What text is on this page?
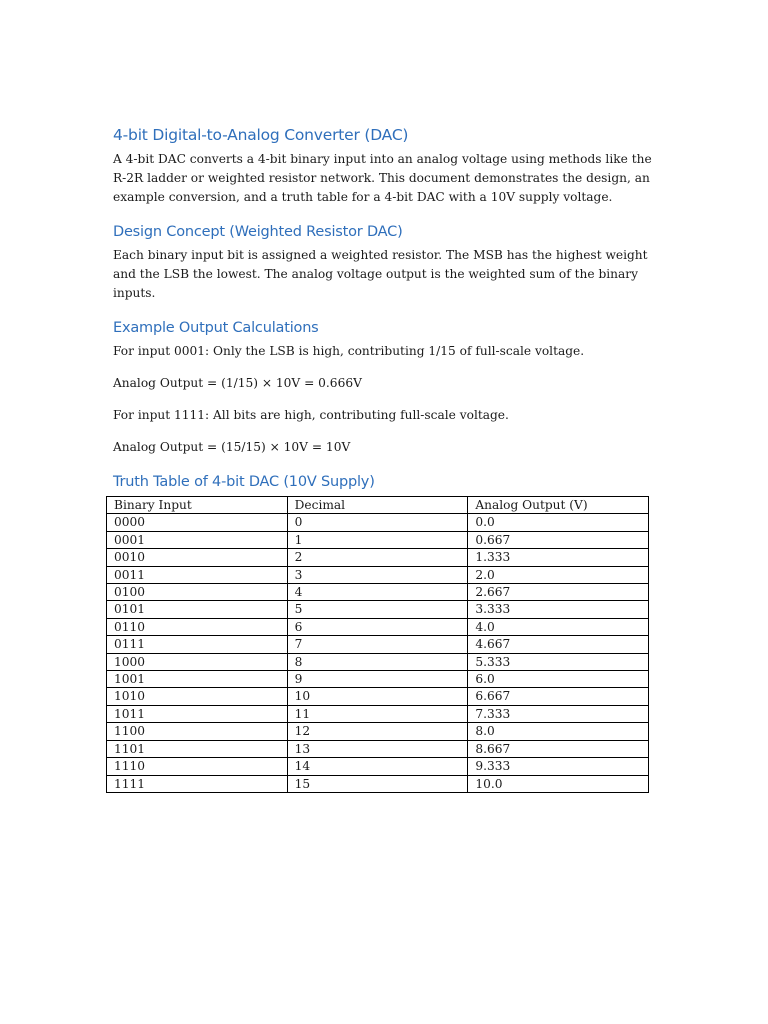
4-bit Digital-to-Analog Converter (DAC)

A 4-bit DAC converts a 4-bit binary input into an analog voltage using methods like the R-2R ladder or weighted resistor network. This document demonstrates the design, an example conversion, and a truth table for a 4-bit DAC with a 10V supply voltage.

Design Concept (Weighted Resistor DAC)

Each binary input bit is assigned a weighted resistor. The MSB has the highest weight and the LSB the lowest. The analog voltage output is the weighted sum of the binary inputs.

Example Output Calculations

For input 0001: Only the LSB is high, contributing 1/15 of full-scale voltage.

Analog Output = (1/15) × 10V = 0.666V

For input 1111: All bits are high, contributing full-scale voltage.

Analog Output = (15/15) × 10V = 10V

Truth Table of 4-bit DAC (10V Supply)
Binary Input	Decimal	Analog Output (V)
0000	0	0.0
0001	1	0.667
0010	2	1.333
0011	3	2.0
0100	4	2.667
0101	5	3.333
0110	6	4.0
0111	7	4.667
1000	8	5.333
1001	9	6.0
1010	10	6.667
1011	11	7.333
1100	12	8.0
1101	13	8.667
1110	14	9.333
1111	15	10.0
